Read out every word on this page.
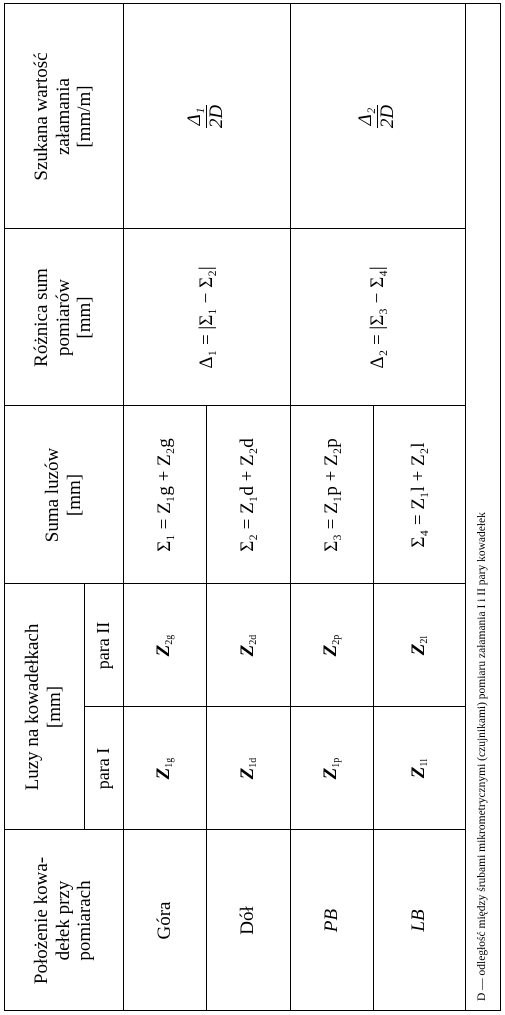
Położenie kowa- dełek przy pomiarach
Luzy na kowadełkach [mm]
para I
para II
Suma luzów [mm]
Różnica sum pomiarów [mm]
Szukana wartość załamania [mm/m]
Góra
$Z_{1g}$
$Z_{2g}$
Σ₁ = Z₁g + Z₂g
Dół
$Z_{1d}$
$Z_{2d}$
Σ₂ = Z₁d + Z₂d
Δ₁ = |Σ₁ − Σ₂|
Δ₁ 2D
PB
$Z_{1p}$
$Z_{2p}$
Σ₃ = Z₁p + Z₂p
LB
$Z_{1l}$
$Z_{2l}$
Σ₄ = Z₁l + Z₂l
Δ₂ = |Σ₃ − Σ₄|
Δ₂ 2D
D — odległość między śrubami mikrometrycznymi (czujnikami) pomiaru załamania I i II pary kowadełek
